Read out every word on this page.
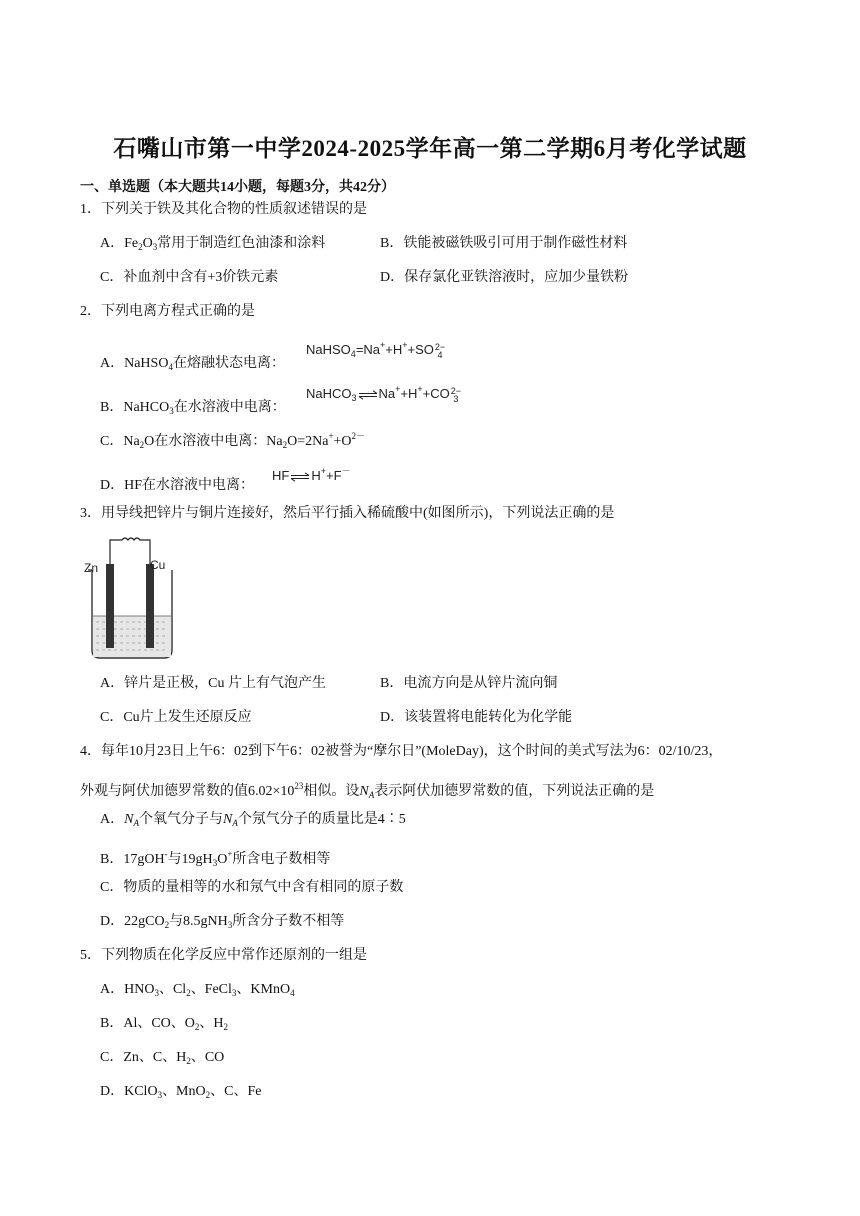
石嘴山市第一中学2024-2025学年高一第二学期6月考化学试题
一、单选题（本大题共14小题，每题3分，共42分）
1．下列关于铁及其化合物的性质叙述错误的是
A．$Fe_2O_3$常用于制造红色油漆和涂料	B．铁能被磁铁吸引可用于制作磁性材料
C．补血剂中含有+3价铁元素	D．保存氯化亚铁溶液时，应加少量铁粉
2．下列电离方程式正确的是
A．NaHSO$_4$在熔融状态电离：
NaHSO$_4$=Na++H++SO2−
4
B．NaHCO$_3$在水溶液中电离：
NaHCO$_3$⇌Na++H++CO2−
3
C．$Na_2O$在水溶液中电离：$Na_2O=2Na^++O^{2-}$
D．HF在水溶液中电离：
HF⇌H++F－
3．用导线把锌片与铜片连接好，然后平行插入稀硫酸中(如图所示)，下列说法正确的是
Zn	Cu
A．锌片是正极，Cu 片上有气泡产生	B．电流方向是从锌片流向铜
C．Cu片上发生还原反应	D．该装置将电能转化为化学能
4．每年10月23日上午6：02到下午6：02被誉为“摩尔日”(MoleDay)，这个时间的美式写法为6：02/10/23，
外观与阿伏加德罗常数的值$6.02\times 10^{23}$相似。设$N_A$表示阿伏加德罗常数的值，下列说法正确的是
A．$N_A$个氧气分子与$N_A$个氖气分子的质量比是4∶5
B．17gOH-与$19gH_3O^+$所含电子数相等
C．物质的量相等的水和氖气中含有相同的原子数
D．22gCO$_2$与8.5gNH$_3$所含分子数不相等
5．下列物质在化学反应中常作还原剂的一组是
A．$HNO_3$、$Cl_2$、FeCl$_3$、KMnO$_4$
B．Al、CO、$O_2$、$H_2$
C．Zn、C、$H_2$、CO
D．KClO$_3$、MnO$_2$、C、Fe
